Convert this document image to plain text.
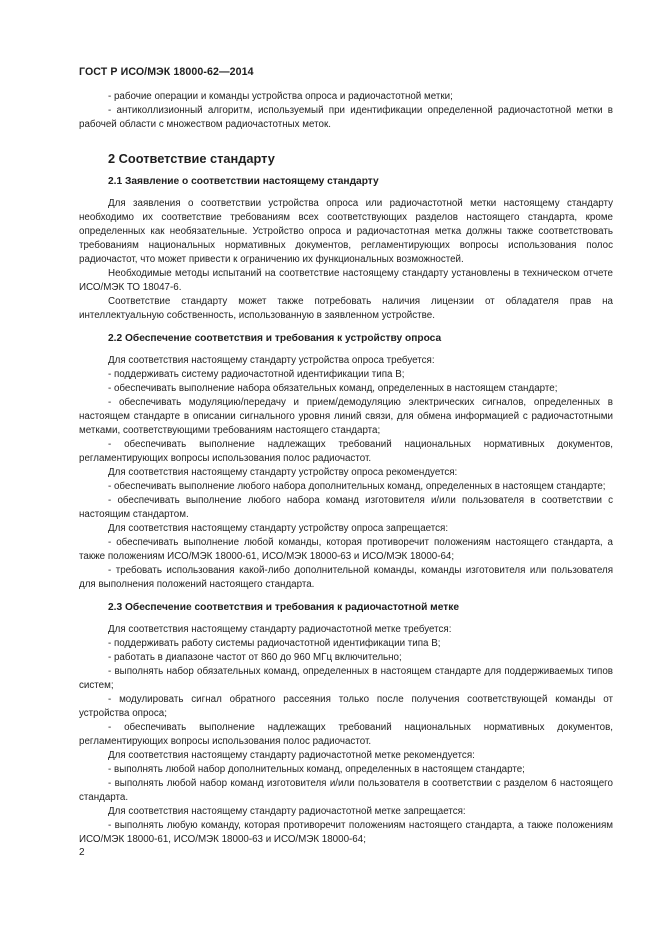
ГОСТ Р ИСО/МЭК 18000-62—2014

- рабочие операции и команды устройства опроса и радиочастотной метки;

- антиколлизионный алгоритм, используемый при идентификации определенной радиочастотной метки в рабочей области с множеством радиочастотных меток.

2 Соответствие стандарту
2.1 Заявление о соответствии настоящему стандарту

Для заявления о соответствии устройства опроса или радиочастотной метки настоящему стандарту необходимо их соответствие требованиям всех соответствующих разделов настоящего стандарта, кроме определенных как необязательные. Устройство опроса и радиочастотная метка должны также соответствовать требованиям национальных нормативных документов, регламентирующих вопросы использования полос радиочастот, что может привести к ограничению их функциональных возможностей.

Необходимые методы испытаний на соответствие настоящему стандарту установлены в техническом отчете ИСО/МЭК ТО 18047-6.

Соответствие стандарту может также потребовать наличия лицензии от обладателя прав на интеллектуальную собственность, использованную в заявленном устройстве.

2.2 Обеспечение соответствия и требования к устройству опроса

Для соответствия настоящему стандарту устройства опроса требуется:

- поддерживать систему радиочастотной идентификации типа В;

- обеспечивать выполнение набора обязательных команд, определенных в настоящем стандарте;

- обеспечивать модуляцию/передачу и прием/демодуляцию электрических сигналов, определенных в настоящем стандарте в описании сигнального уровня линий связи, для обмена информацией с радиочастотными метками, соответствующими требованиям настоящего стандарта;

- обеспечивать выполнение надлежащих требований национальных нормативных документов, регламентирующих вопросы использования полос радиочастот.

Для соответствия настоящему стандарту устройству опроса рекомендуется:

- обеспечивать выполнение любого набора дополнительных команд, определенных в настоящем стандарте;

- обеспечивать выполнение любого набора команд изготовителя и/или пользователя в соответствии с настоящим стандартом.

Для соответствия настоящему стандарту устройству опроса запрещается:

- обеспечивать выполнение любой команды, которая противоречит положениям настоящего стандарта, а также положениям ИСО/МЭК 18000-61, ИСО/МЭК 18000-63 и ИСО/МЭК 18000-64;

- требовать использования какой-либо дополнительной команды, команды изготовителя или пользователя для выполнения положений настоящего стандарта.

2.3 Обеспечение соответствия и требования к радиочастотной метке

Для соответствия настоящему стандарту радиочастотной метке требуется:

- поддерживать работу системы радиочастотной идентификации типа В;

- работать в диапазоне частот от 860 до 960 МГц включительно;

- выполнять набор обязательных команд, определенных в настоящем стандарте для поддерживаемых типов систем;

- модулировать сигнал обратного рассеяния только после получения соответствующей команды от устройства опроса;

- обеспечивать выполнение надлежащих требований национальных нормативных документов, регламентирующих вопросы использования полос радиочастот.

Для соответствия настоящему стандарту радиочастотной метке рекомендуется:

- выполнять любой набор дополнительных команд, определенных в настоящем стандарте;

- выполнять любой набор команд изготовителя и/или пользователя в соответствии с разделом 6 настоящего стандарта.

Для соответствия настоящему стандарту радиочастотной метке запрещается:

- выполнять любую команду, которая противоречит положениям настоящего стандарта, а также положениям ИСО/МЭК 18000-61, ИСО/МЭК 18000-63 и ИСО/МЭК 18000-64;

2
